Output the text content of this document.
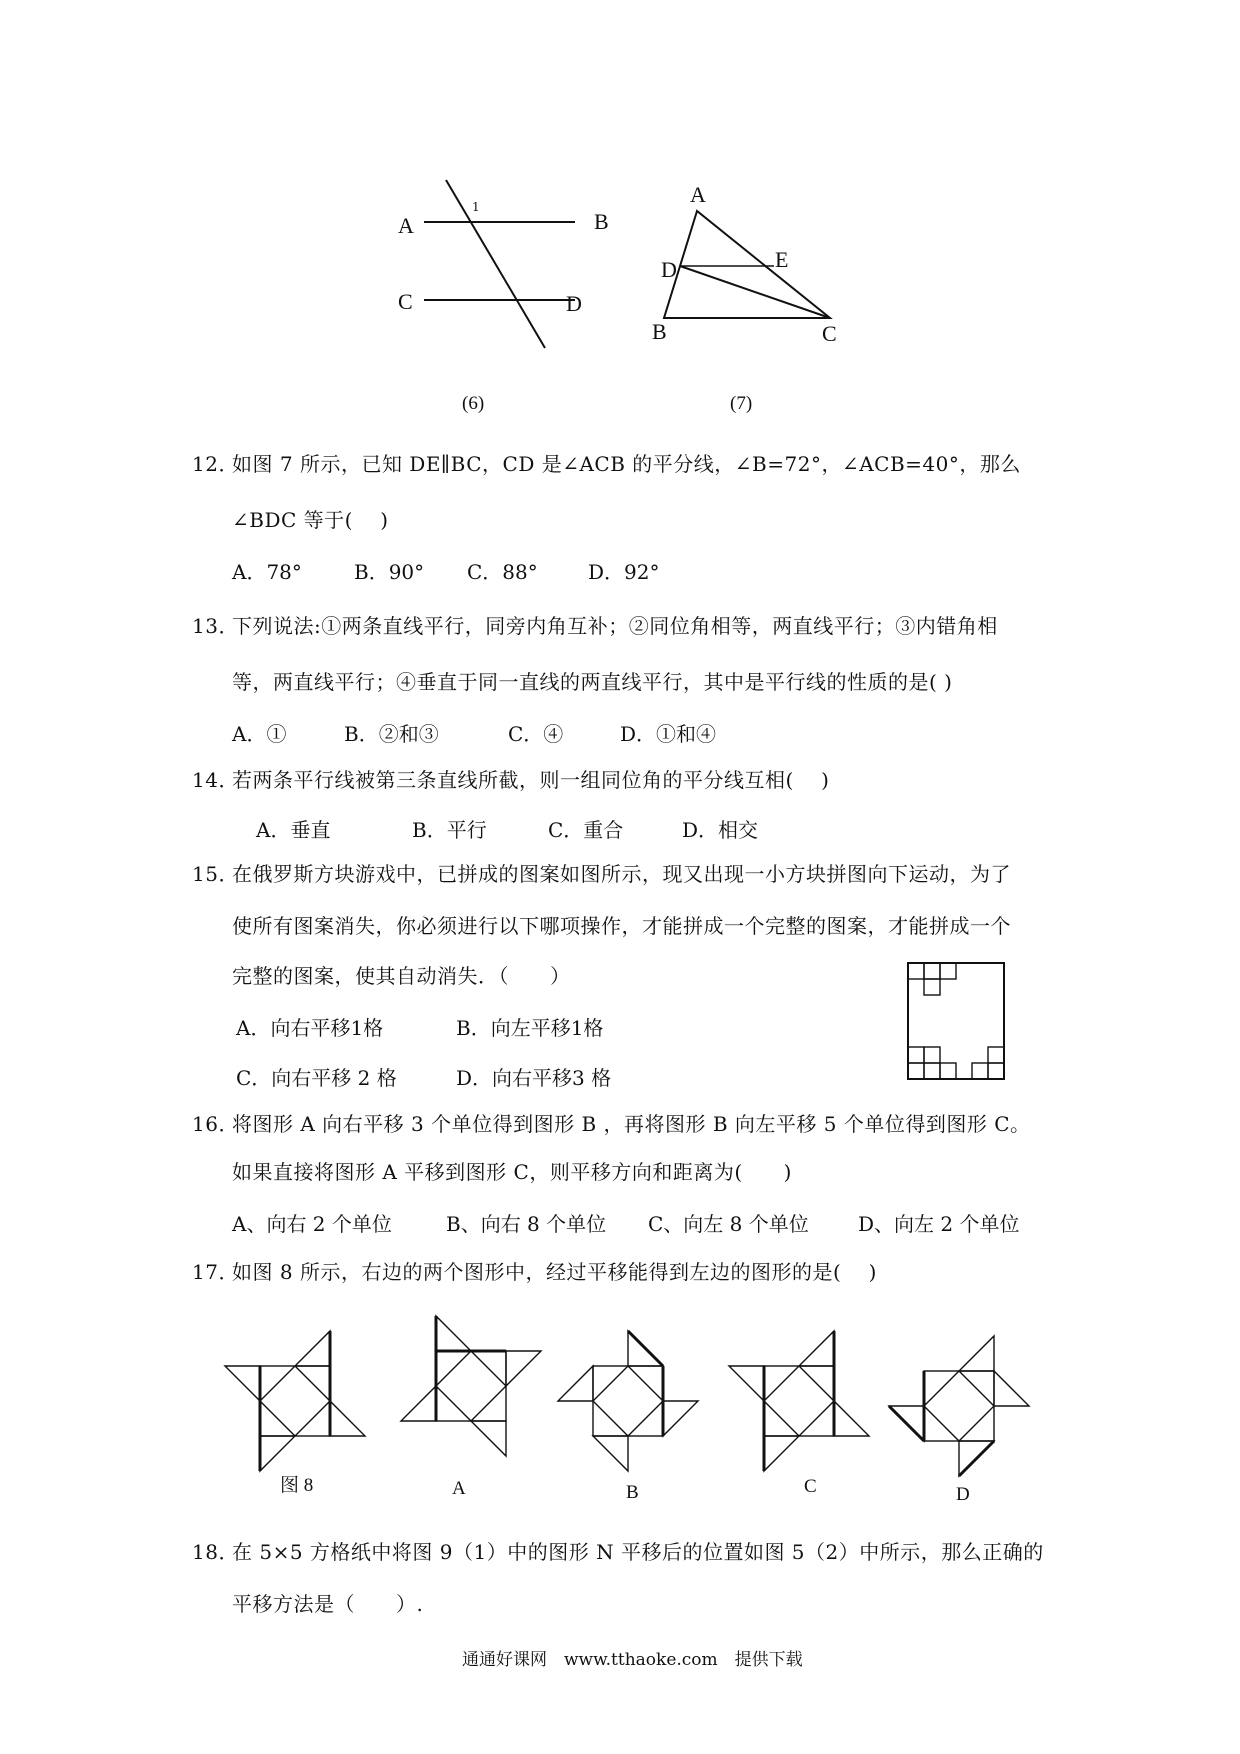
A	B
C	D
1
(6)
A
D	E
B	C
(7)
12．
如图 7 所示，已知 DE∥BC，CD 是∠ACB 的平分线，∠B=72°，∠ACB=40°，那么
∠BDC 等于(　 )
A．78°	B．90° C．88°	D．92°
13．
下列说法:①两条直线平行，同旁内角互补；②同位角相等，两直线平行；③内错角相
等，两直线平行；④垂直于同一直线的两直线平行，其中是平行线的性质的是( )
A．①	B．②和③	C．④	D．①和④
14．
若两条平行线被第三条直线所截，则一组同位角的平分线互相(　 )
A．垂直	B．平行	C．重合	D．相交
15．
在俄罗斯方块游戏中，已拼成的图案如图所示，现又出现一小方块拼图向下运动，为了
使所有图案消失，你必须进行以下哪项操作，才能拼成一个完整的图案，才能拼成一个
完整的图案，使其自动消失．（　　）
A．向右平移1格	B．向左平移1格
C．向右平移 2 格	D．向右平移3 格
16．
将图形 A 向右平移 3 个单位得到图形 B ，再将图形 B 向左平移 5 个单位得到图形 C。
如果直接将图形 A 平移到图形 C，则平移方向和距离为(　　)
A、向右 2 个单位	B、向右 8 个单位 C、向左 8 个单位 D、向左 2 个单位
17．
如图 8 所示，右边的两个图形中，经过平移能得到左边的图形的是(　 )
图 8	A	B	C	D
18．
在 5×5 方格纸中将图 9（1）中的图形 N 平移后的位置如图 5（2）中所示，那么正确的
平移方法是（　　）.
通通好课网　www.tthaoke.com　提供下载
